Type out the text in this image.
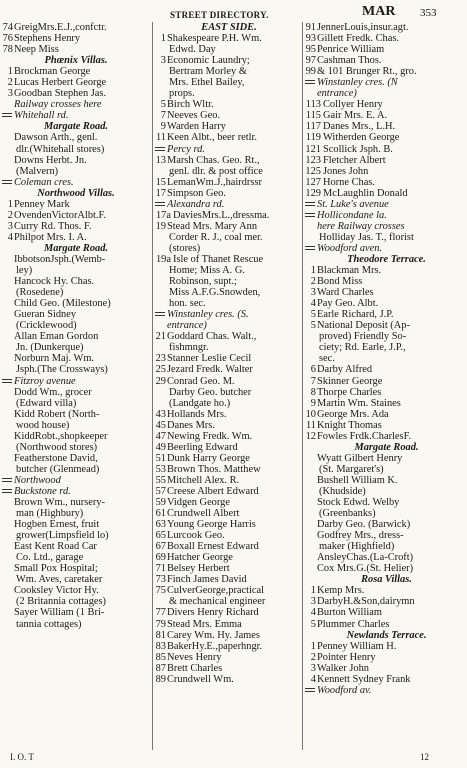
STREET DIRECTORY.	MAR 353
74 GreigMrs.E.J.,confctr.
76 Stephens Henry
78 Neep Miss
Phœnix Villas.
1 Brockman George
2 Lucas Herbert George
3 Goodban Stephen Jas.
Railway crosses here
Whitehall rd.
Margate Road.
Dawson Arth., genl.
dlr.(Whitehall stores)
Downs Herbt. Jn.
(Malvern)
Coleman cres.
Northwood Villas.
1 Penney Mark
2 OvendenVictorAlbt.F.
3 Curry Rd. Thos. F.
4 Philpot Mrs. I. A.
Margate Road.
IbbotsonJsph.(Wemb-
ley)
Hancock Hy. Chas.
(Rosedene)
Child Geo. (Milestone)
Gueran Sidney
(Cricklewood)
Allan Eman Gordon
Jn. (Dunkerque)
Norburn Maj. Wm.
Jsph.(The Crossways)
Fitzroy avenue
Dodd Wm., grocer
(Edward villa)
Kidd Robert (North-
wood house)
KiddRobt.,shopkeeper
(Northwood stores)
Featherstone David,
butcher (Glenmead)
Northwood
Buckstone rd.
Brown Wm., nursery-
man (Highbury)
Hogben Ernest, fruit
grower(Limpsfield lo)
East Kent Road Car
Co. Ltd., garage
Small Pox Hospital;
Wm. Aves, caretaker
Cooksley Victor Hy.
(2 Britannia cottages)
Sayer William (1 Bri-
tannia cottages)
EAST SIDE.
1 Shakespeare P.H. Wm.
Edwd. Day
3 Economic Laundry;
Bertram Morley &
Mrs. Ethel Bailey,
props.
5 Birch Wltr.
7 Neeves Geo.
9 Warden Harry
11 Keen Albt., beer retlr.
Percy rd.
13 Marsh Chas. Geo. Rt.,
genl. dlr. & post office
15 LemanWm.J.,hairdrssr
17 Simpson Geo.
Alexandra rd.
17a DaviesMrs.L.,dressma.
19 Stead Mrs. Mary Ann
Corder R. J., coal mer.
(stores)
19a Isle of Thanet Rescue
Home; Miss A. G.
Robinson, supt.;
Miss A.F.G.Snowden,
hon. sec.
Winstanley cres. (S.
entrance)
21 Goddard Chas. Walt.,
fishmngr.
23 Stanner Leslie Cecil
25 Jezard Fredk. Walter
29 Conrad Geo. M.
Darby Geo. butcher
(Landgate ho.)
43 Hollands Mrs.
45 Danes Mrs.
47 Newing Fredk. Wm.
49 Beerling Edward
51 Dunk Harry George
53 Brown Thos. Matthew
55 Mitchell Alex. R.
57 Creese Albert Edward
59 Vidgen George
61 Crundwell Albert
63 Young George Harris
65 Lurcook Geo.
67 Boxall Ernest Edward
69 Hatcher George
71 Belsey Herbert
73 Finch James David
75 CulverGeorge,practical
& mechanical engineer
77 Divers Henry Richard
79 Stead Mrs. Emma
81 Carey Wm. Hy. James
83 BakerHy.E.,paperhngr.
85 Neves Henry
87 Brett Charles
89 Crundwell Wm.
91 JennerLouis,insur.agt.
93 Gillett Fredk. Chas.
95 Penrice William
97 Cashman Thos.
99 & 101 Brunger Rt., gro.
Winstanley cres. (N
entrance)
113 Collyer Henry
115 Gair Mrs. E. A.
117 Danes Mrs., L.H.
119 Witherden George
121 Scollick Jsph. B.
123 Fletcher Albert
125 Jones John
127 Horne Chas.
129 McLaughlin Donald
St. Luke's avenue
Hollicondane la.
here Railway crosses
Holliday Jas. T., florist
Woodford aven.
Theodore Terrace.
1 Blackman Mrs.
2 Bond Miss
3 Ward Charles
4 Pay Geo. Albt.
5 Earle Richard, J.P.
5 National Deposit (Ap-
proved) Friendly So-
ciety; Rd. Earle, J.P.,
sec.
6 Darby Alfred
7 Skinner George
8 Thorpe Charles
9 Martin Wm. Staines
10 George Mrs. Ada
11 Knight Thomas
12 Fowles Frdk.CharlesF.
Margate Road.
Wyatt Gilbert Henry
(St. Margaret's)
Bushell William K.
(Khudside)
Stock Edwd. Welby
(Greenbanks)
Darby Geo. (Barwick)
Godfrey Mrs., dress-
maker (Highfield)
AnsleyChas.(La-Croft)
Cox Mrs.G.(St. Helier)
Rosa Villas.
1 Kemp Mrs.
3 DarbyH.&Son,dairymn
4 Burton William
5 Plummer Charles
Newlands Terrace.
1 Penney William H.
2 Pointer Henry
3 Walker John
4 Kennett Sydney Frank
Woodford av.
I. O. T	12
